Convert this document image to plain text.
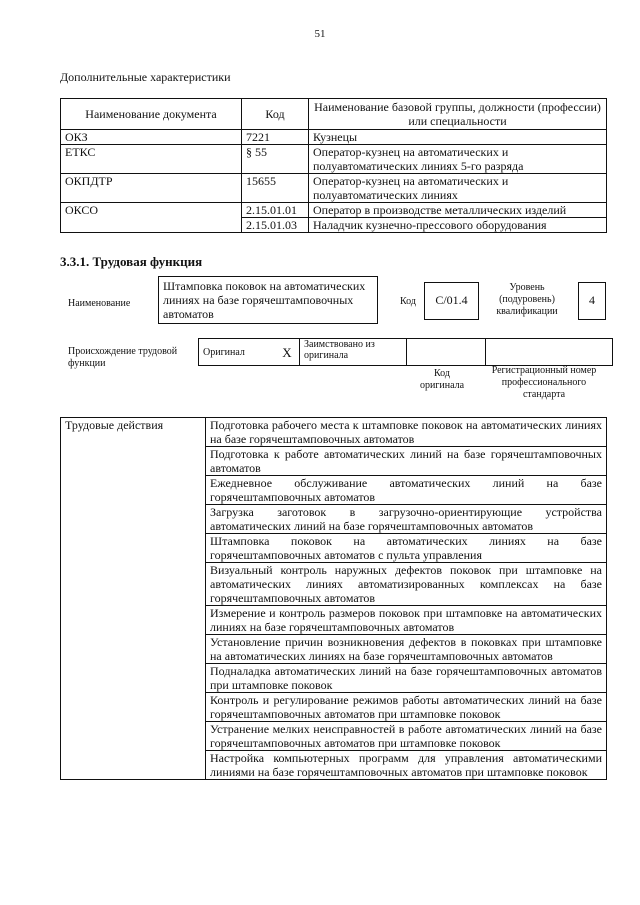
51
Дополнительные характеристики
Наименование документа	Код	Наименование базовой группы, должности (профессии) или специальности
ОКЗ	7221	Кузнецы
ЕТКС	§ 55	Оператор-кузнец на автоматических и полуавтоматических линиях 5-го разряда
ОКПДТР	15655	Оператор-кузнец на автоматических и полуавтоматических линиях
ОКСО	2.15.01.01	Оператор в производстве металлических изделий
	2.15.01.03	Наладчик кузнечно-прессового оборудования
3.3.1. Трудовая функция
Наименование
Штамповка поковок на автоматических линиях на базе горячештамповочных автоматов
Код	C/01.4
Уровень (подуровень) квалификации
4
Происхождение трудовой функции
Оригинал	X	Заимствовано из оригинала		
Код оригинала
Регистрационный номер профессионального стандарта
Трудовые действия	Подготовка рабочего места к штамповке поковок на автоматических линиях на базе горячештамповочных автоматов
Подготовка к работе автоматических линий на базе горячештамповочных автоматов
Ежедневное обслуживание автоматических линий на базе горячештамповочных автоматов
Загрузка заготовок в загрузочно-ориентирующие устройства автоматических линий на базе горячештамповочных автоматов
Штамповка поковок на автоматических линиях на базе горячештамповочных автоматов с пульта управления
Визуальный контроль наружных дефектов поковок при штамповке на автоматических линиях автоматизированных комплексах на базе горячештамповочных автоматов
Измерение и контроль размеров поковок при штамповке на автоматических линиях на базе горячештамповочных автоматов
Установление причин возникновения дефектов в поковках при штамповке на автоматических линиях на базе горячештамповочных автоматов
Подналадка автоматических линий на базе горячештамповочных автоматов при штамповке поковок
Контроль и регулирование режимов работы автоматических линий на базе горячештамповочных автоматов при штамповке поковок
Устранение мелких неисправностей в работе автоматических линий на базе горячештамповочных автоматов при штамповке поковок
Настройка компьютерных программ для управления автоматическими линиями на базе горячештамповочных автоматов при штамповке поковок
